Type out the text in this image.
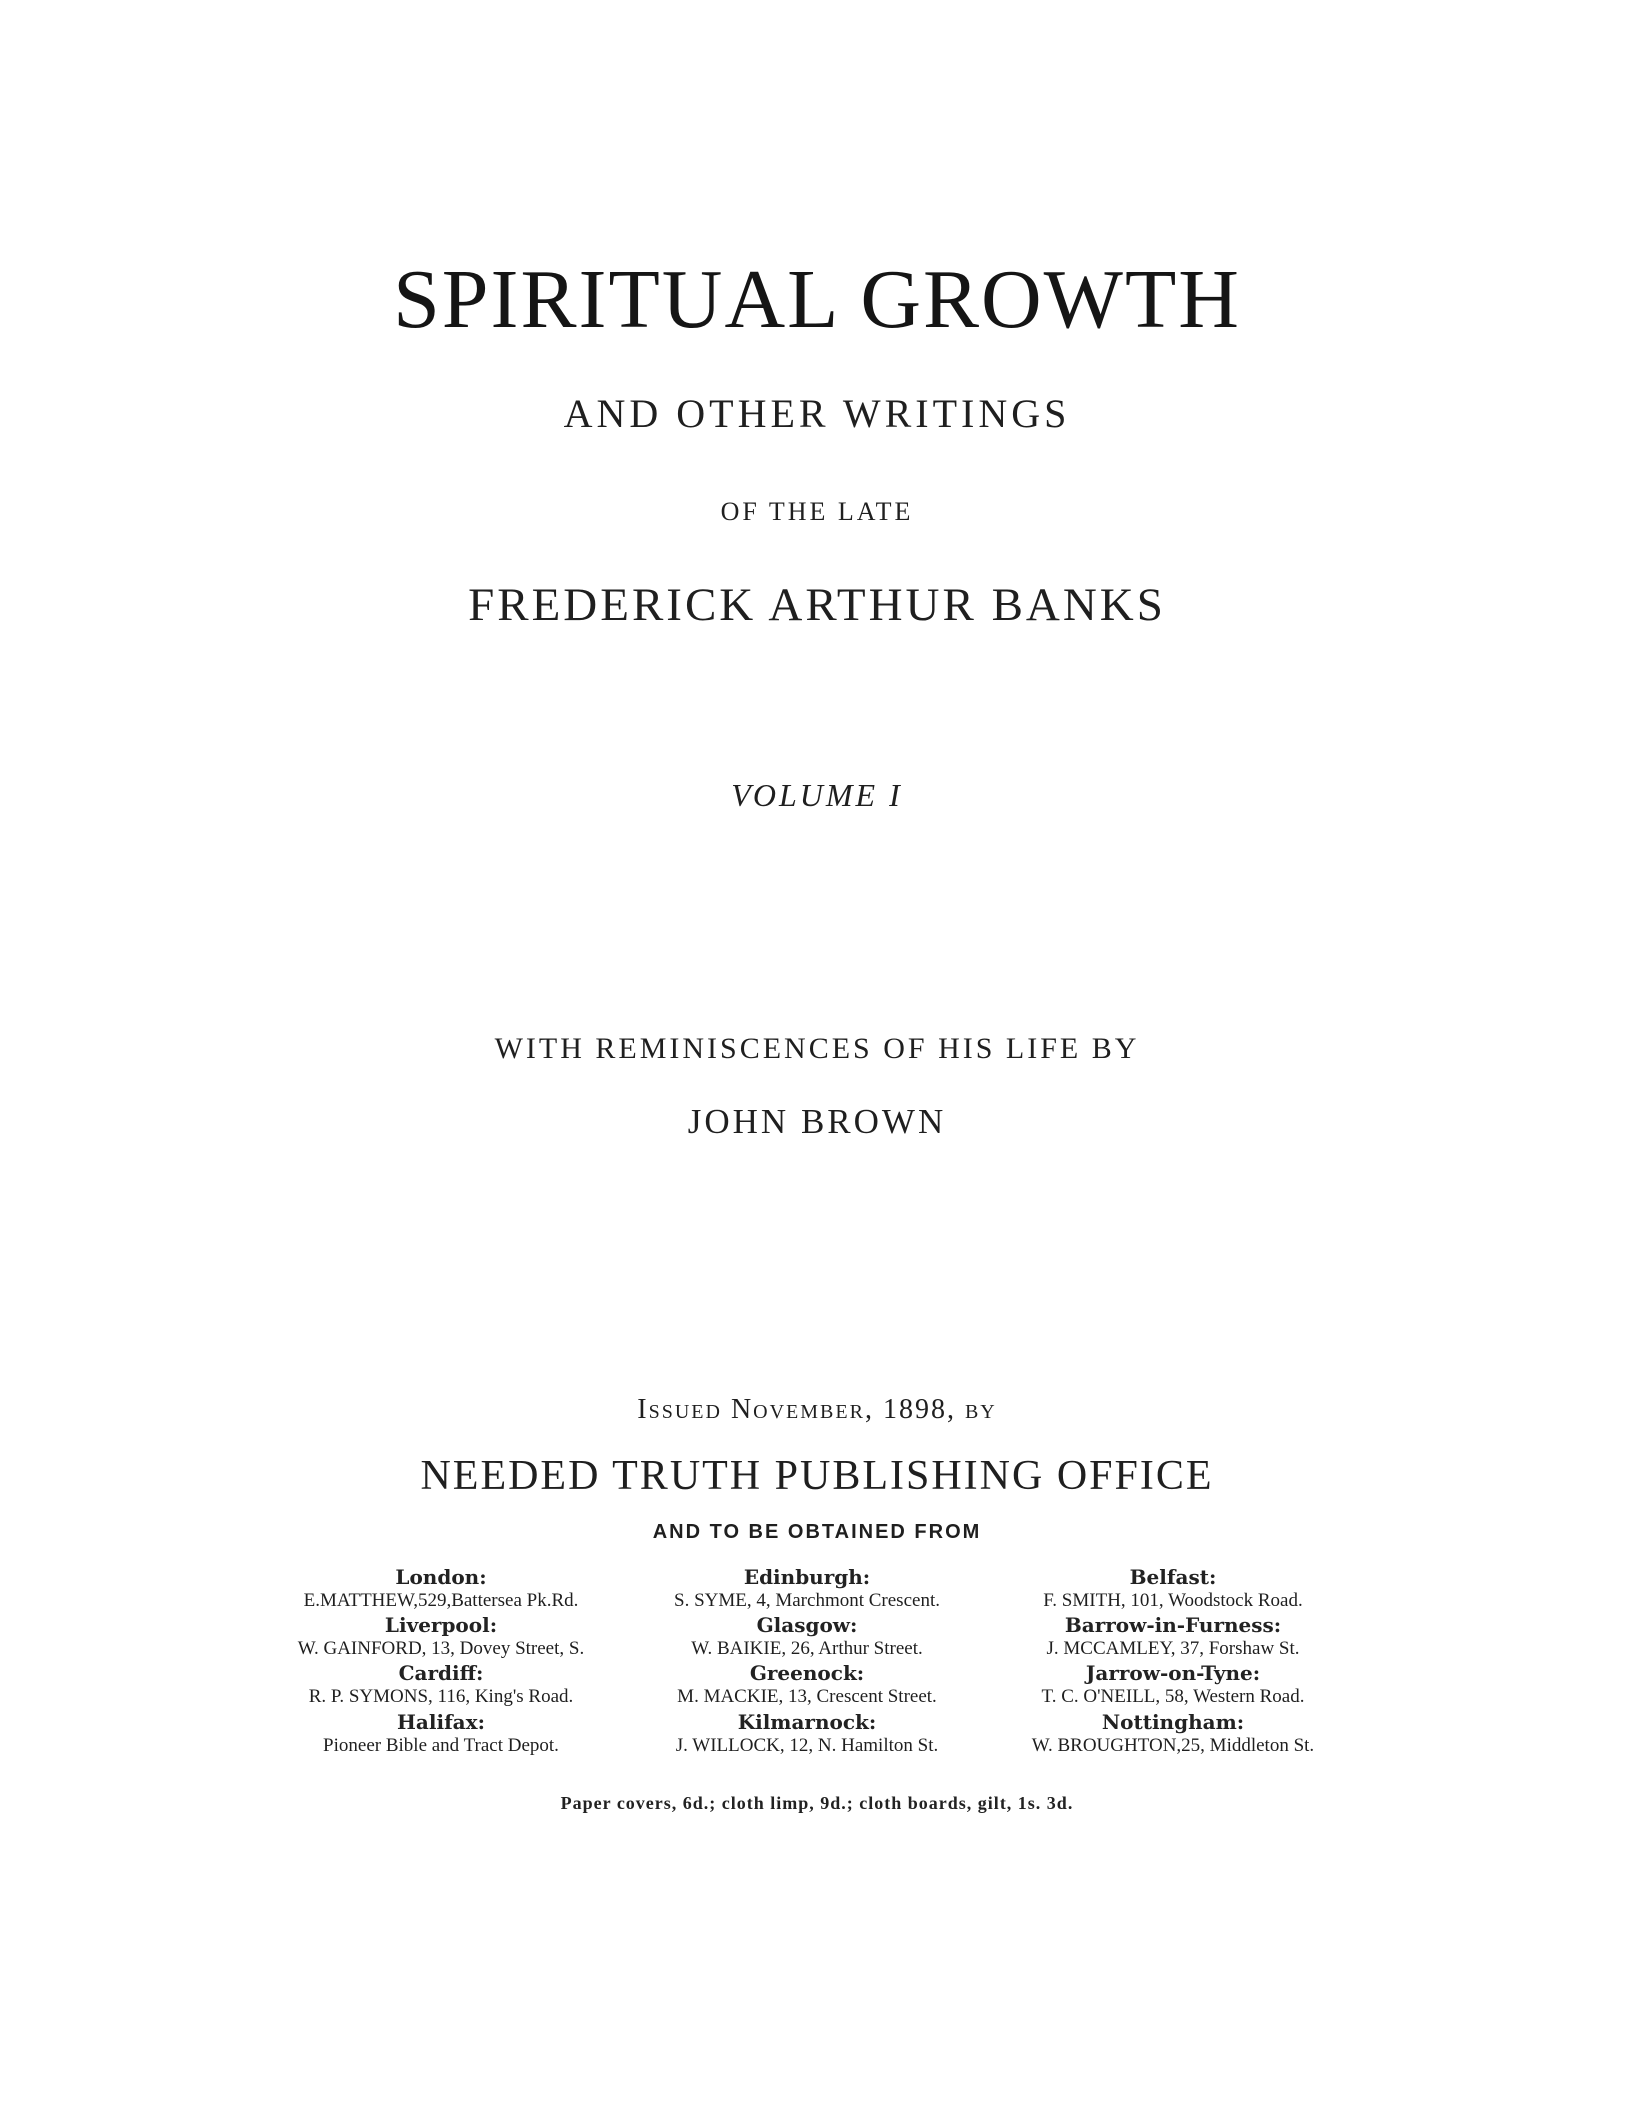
SPIRITUAL GROWTH
AND OTHER WRITINGS
OF THE LATE
FREDERICK ARTHUR BANKS
VOLUME I
WITH REMINISCENCES OF HIS LIFE BY
JOHN BROWN
Issued November, 1898, by
NEEDED TRUTH PUBLISHING OFFICE
AND TO BE OBTAINED FROM
London:
E.MATTHEW,529,Battersea Pk.Rd.
Edinburgh:
S. SYME, 4, Marchmont Crescent.
Belfast:
F. SMITH, 101, Woodstock Road.
Liverpool:
W. GAINFORD, 13, Dovey Street, S.
Glasgow:
W. BAIKIE, 26, Arthur Street.
Barrow-in-Furness:
J. MCCAMLEY, 37, Forshaw St.
Cardiff:
R. P. SYMONS, 116, King's Road.
Greenock:
M. MACKIE, 13, Crescent Street.
Jarrow-on-Tyne:
T. C. O'NEILL, 58, Western Road.
Halifax:
Pioneer Bible and Tract Depot.
Kilmarnock:
J. WILLOCK, 12, N. Hamilton St.
Nottingham:
W. BROUGHTON,25, Middleton St.
Paper covers, 6d.; cloth limp, 9d.; cloth boards, gilt, 1s. 3d.
